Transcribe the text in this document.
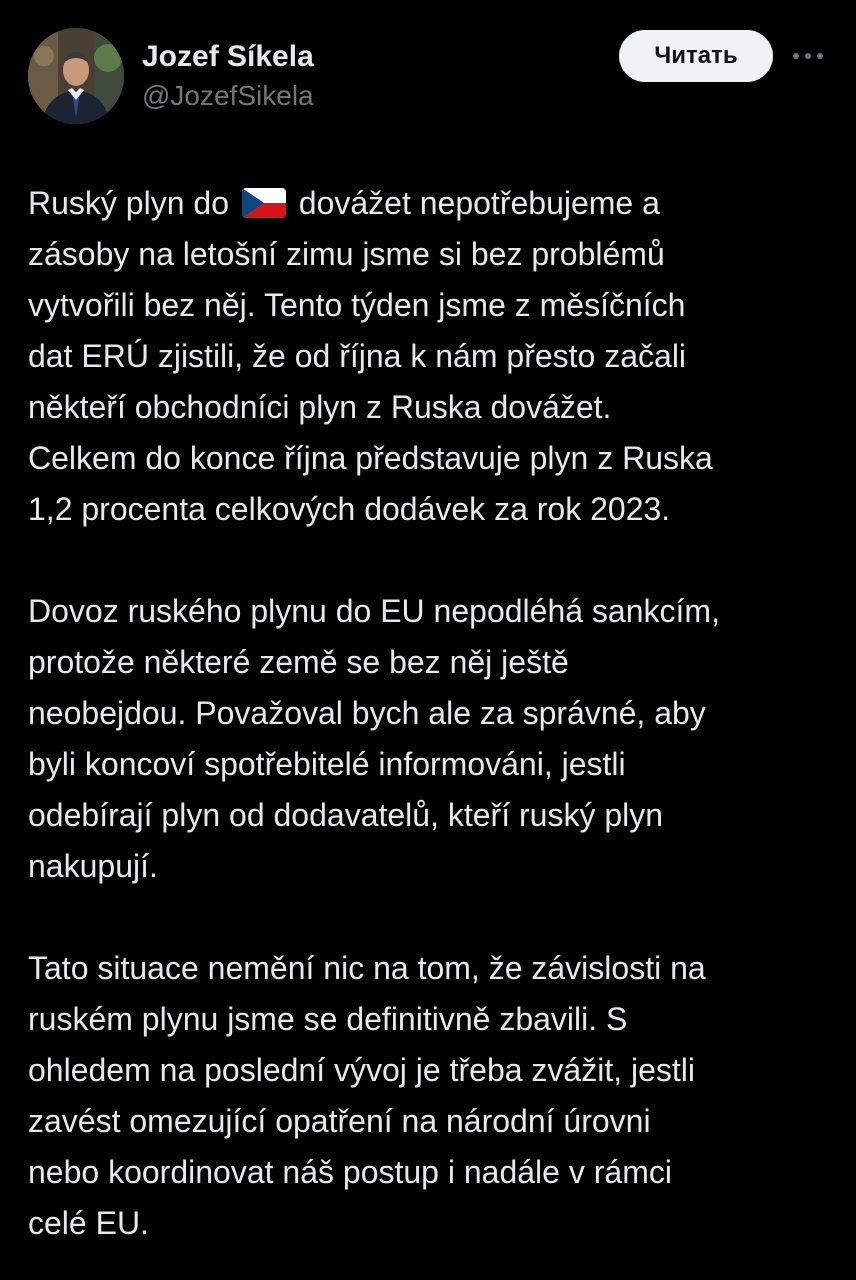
Jozef Síkela
@JozefSikela
Читать

Ruský plyn do dovážet nepotřebujeme a
zásoby na letošní zimu jsme si bez problémů
vytvořili bez něj. Tento týden jsme z měsíčních
dat ERÚ zjistili, že od října k nám přesto začali
někteří obchodníci plyn z Ruska dovážet.
Celkem do konce října představuje plyn z Ruska
1,2 procenta celkových dodávek za rok 2023.

Dovoz ruského plynu do EU nepodléhá sankcím,
protože některé země se bez něj ještě
neobejdou. Považoval bych ale za správné, aby
byli koncoví spotřebitelé informováni, jestli
odebírají plyn od dodavatelů, kteří ruský plyn
nakupují.

Tato situace nemění nic na tom, že závislosti na
ruském plynu jsme se definitivně zbavili. S
ohledem na poslední vývoj je třeba zvážit, jestli
zavést omezující opatření na národní úrovni
nebo koordinovat náš postup i nadále v rámci
celé EU.
